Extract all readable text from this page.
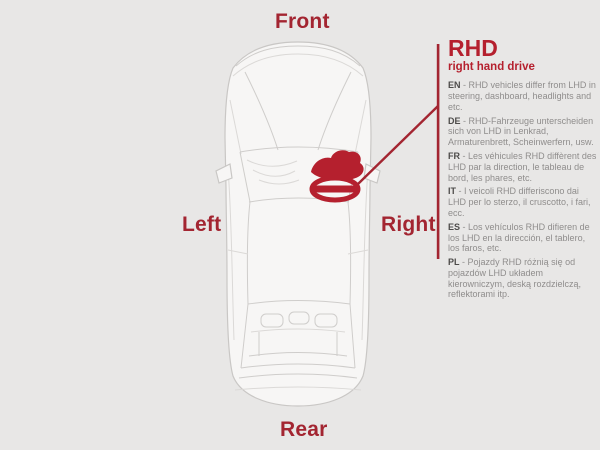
Front
Left	Right
Rear
RHD
right hand drive

EN - RHD vehicles differ from LHD in steering, dashboard, headlights and etc.

DE - RHD-Fahrzeuge unterscheiden sich von LHD in Lenkrad, Armaturenbrett, Scheinwerfern, usw.

FR - Les véhicules RHD diffèrent des LHD par la direction, le tableau de bord, les phares, etc.

IT - I veicoli RHD differiscono dai LHD per lo sterzo, il cruscotto, i fari, ecc.

ES - Los vehículos RHD difieren de los LHD en la dirección, el tablero, los faros, etc.

PL - Pojazdy RHD różnią się od pojazdów LHD układem kierowniczym, deską rozdzielczą, reflektorami itp.
